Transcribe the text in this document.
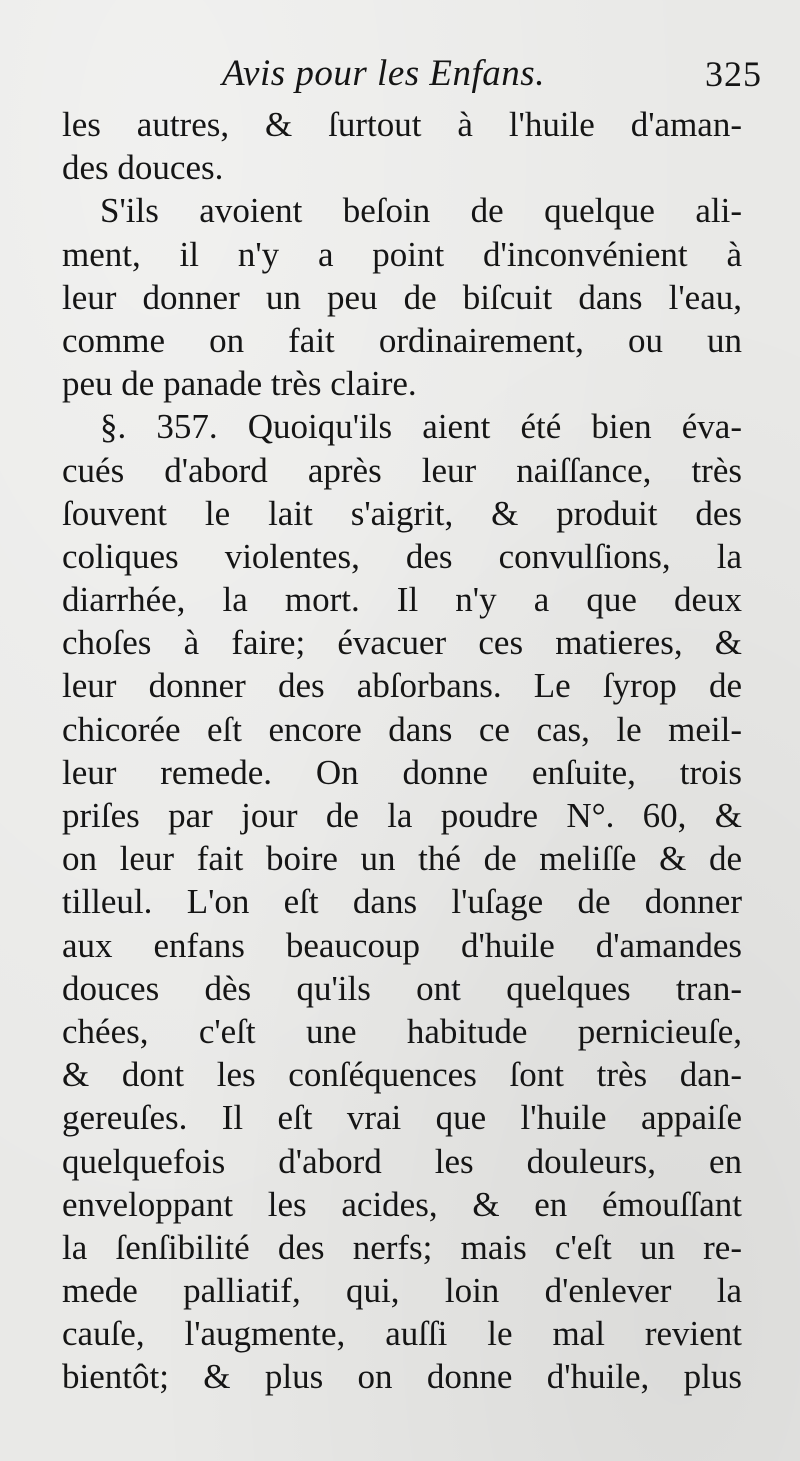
Avis pour les Enfans.	325
les autres, & ſurtout à l'huile d'aman-
des douces.
S'ils avoient beſoin de quelque ali-
ment, il n'y a point d'inconvénient à
leur donner un peu de biſcuit dans l'eau,
comme on fait ordinairement, ou un
peu de panade très claire.
§. 357. Quoiqu'ils aient été bien éva-
cués d'abord après leur naiſſance, très
ſouvent le lait s'aigrit, & produit des
coliques violentes, des convulſions, la
diarrhée, la mort. Il n'y a que deux
choſes à faire; évacuer ces matieres, &
leur donner des abſorbans. Le ſyrop de
chicorée eſt encore dans ce cas, le meil-
leur remede. On donne enſuite, trois
priſes par jour de la poudre N°. 60, &
on leur fait boire un thé de meliſſe & de
tilleul. L'on eſt dans l'uſage de donner
aux enfans beaucoup d'huile d'amandes
douces dès qu'ils ont quelques tran-
chées, c'eſt une habitude pernicieuſe,
& dont les conſéquences ſont très dan-
gereuſes. Il eſt vrai que l'huile appaiſe
quelquefois d'abord les douleurs, en
enveloppant les acides, & en émouſſant
la ſenſibilité des nerfs; mais c'eſt un re-
mede palliatif, qui, loin d'enlever la
cauſe, l'augmente, auſſi le mal revient
bientôt; & plus on donne d'huile, plus
